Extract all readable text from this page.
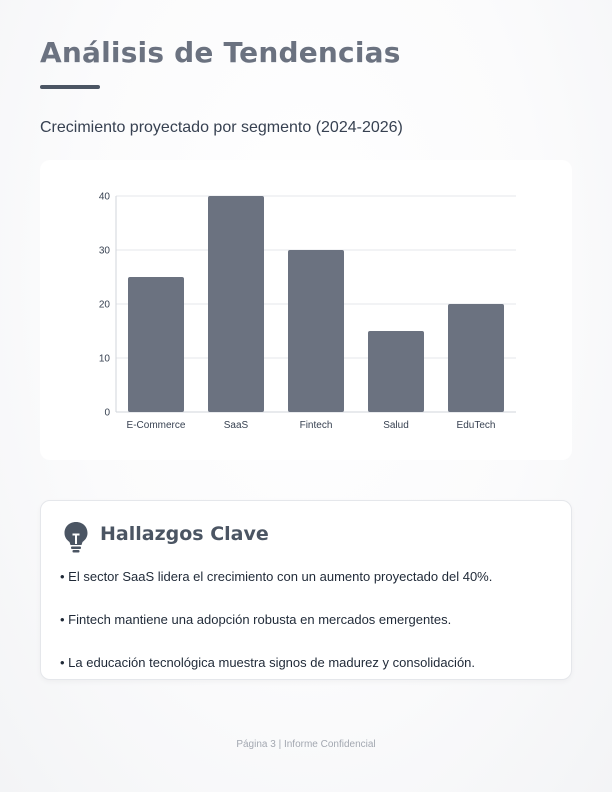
Análisis de Tendencias
Crecimiento proyectado por segmento (2024-2026)
0
10
20
30
40
E-Commerce	SaaS	Fintech	Salud	EduTech
Hallazgos Clave
• El sector SaaS lidera el crecimiento con un aumento proyectado del 40%.
• Fintech mantiene una adopción robusta en mercados emergentes.
• La educación tecnológica muestra signos de madurez y consolidación.
Página 3 | Informe Confidencial
